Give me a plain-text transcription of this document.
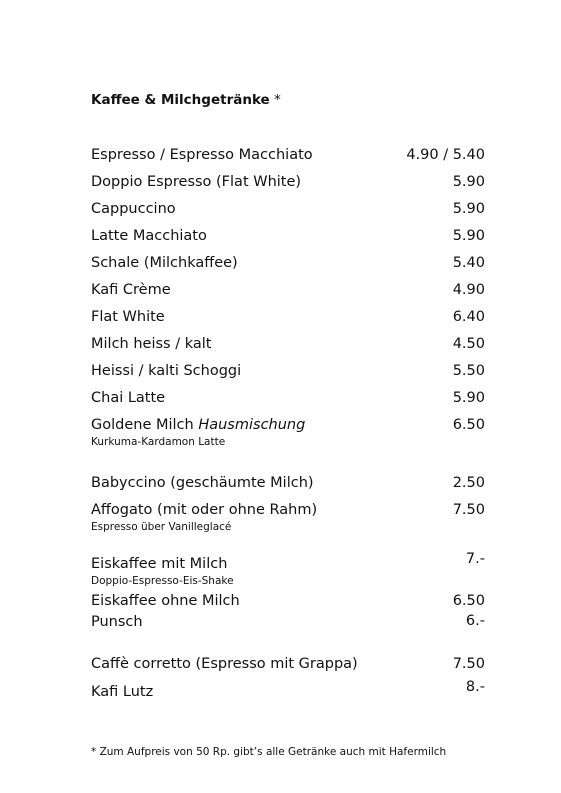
Kaffee & Milchgetränke *
Espresso / Espresso Macchiato	4.90 / 5.40
Doppio Espresso (Flat White)	5.90
Cappuccino	5.90
Latte Macchiato	5.90
Schale (Milchkaffee)	5.40
Kafi Crème	4.90
Flat White	6.40
Milch heiss / kalt	4.50
Heissi / kalti Schoggi	5.50
Chai Latte	5.90
Goldene Milch Hausmischung	6.50
Kurkuma-Kardamon Latte
Babyccino (geschäumte Milch)	2.50
Affogato (mit oder ohne Rahm)	7.50
Espresso über Vanilleglacé
Eiskaffee mit Milch	7.-
Doppio-Espresso-Eis-Shake
Eiskaffee ohne Milch	6.50
Punsch	6.-
Caffè corretto (Espresso mit Grappa)	7.50
Kafi Lutz	8.-
* Zum Aufpreis von 50 Rp. gibt’s alle Getränke auch mit Hafermilch
